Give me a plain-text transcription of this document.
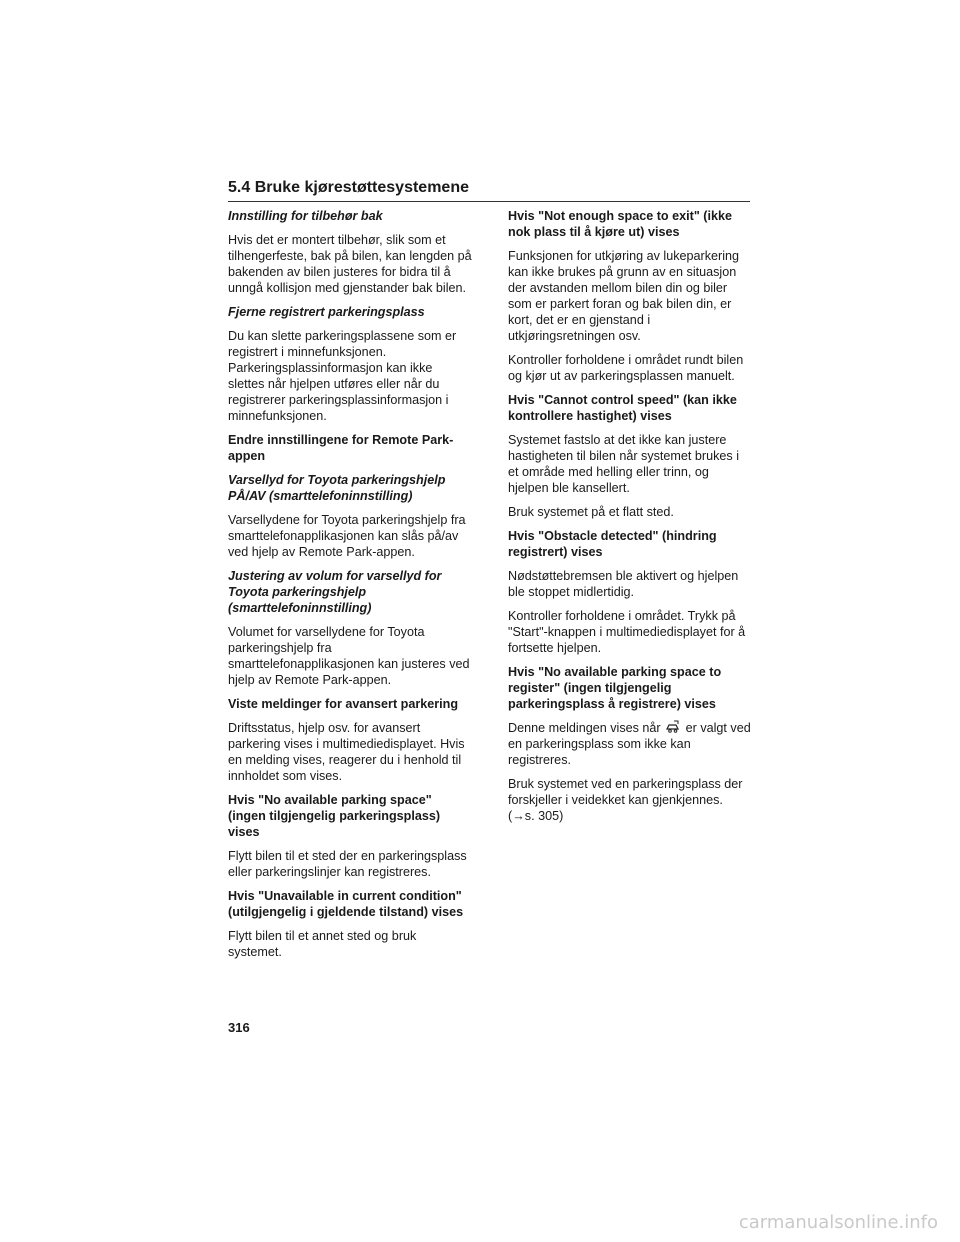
5.4 Bruke kjørestøttesystemene
Innstilling for tilbehør bak
Hvis det er montert tilbehør, slik som et tilhengerfeste, bak på bilen, kan lengden på bakenden av bilen justeres for bidra til å unngå kollisjon med gjenstander bak bilen.
Fjerne registrert parkeringsplass
Du kan slette parkeringsplassene som er registrert i minnefunksjonen. Parkeringsplassinformasjon kan ikke slettes når hjelpen utføres eller når du registrerer parkeringsplassinformasjon i minnefunksjonen.
Endre innstillingene for Remote Park-appen
Varsellyd for Toyota parkeringshjelp PÅ/AV (smarttelefoninnstilling)
Varsellydene for Toyota parkeringshjelp fra smarttelefonapplikasjonen kan slås på/av ved hjelp av Remote Park-appen.
Justering av volum for varsellyd for Toyota parkeringshjelp (smarttelefoninnstilling)
Volumet for varsellydene for Toyota parkeringshjelp fra smarttelefonapplikasjonen kan justeres ved hjelp av Remote Park-appen.
Viste meldinger for avansert parkering
Driftsstatus, hjelp osv. for avansert parkering vises i multimediedisplayet. Hvis en melding vises, reagerer du i henhold til innholdet som vises.
Hvis "No available parking space" (ingen tilgjengelig parkeringsplass) vises
Flytt bilen til et sted der en parkeringsplass eller parkeringslinjer kan registreres.
Hvis "Unavailable in current condition" (utilgjengelig i gjeldende tilstand) vises
Flytt bilen til et annet sted og bruk systemet.
Hvis "Not enough space to exit" (ikke nok plass til å kjøre ut) vises
Funksjonen for utkjøring av lukeparkering kan ikke brukes på grunn av en situasjon der avstanden mellom bilen din og biler som er parkert foran og bak bilen din, er kort, det er en gjenstand i utkjøringsretningen osv.
Kontroller forholdene i området rundt bilen og kjør ut av parkeringsplassen manuelt.
Hvis "Cannot control speed" (kan ikke kontrollere hastighet) vises
Systemet fastslo at det ikke kan justere hastigheten til bilen når systemet brukes i et område med helling eller trinn, og hjelpen ble kansellert.
Bruk systemet på et flatt sted.
Hvis "Obstacle detected" (hindring registrert) vises
Nødstøttebremsen ble aktivert og hjelpen ble stoppet midlertidig.
Kontroller forholdene i området. Trykk på "Start"-knappen i multimediedisplayet for å fortsette hjelpen.
Hvis "No available parking space to register" (ingen tilgjengelig parkeringsplass å registrere) vises
Denne meldingen vises når er valgt ved en parkeringsplass som ikke kan registreres.
Bruk systemet ved en parkeringsplass der forskjeller i veidekket kan gjenkjennes. (→s. 305)
316
carmanualsonline.info
